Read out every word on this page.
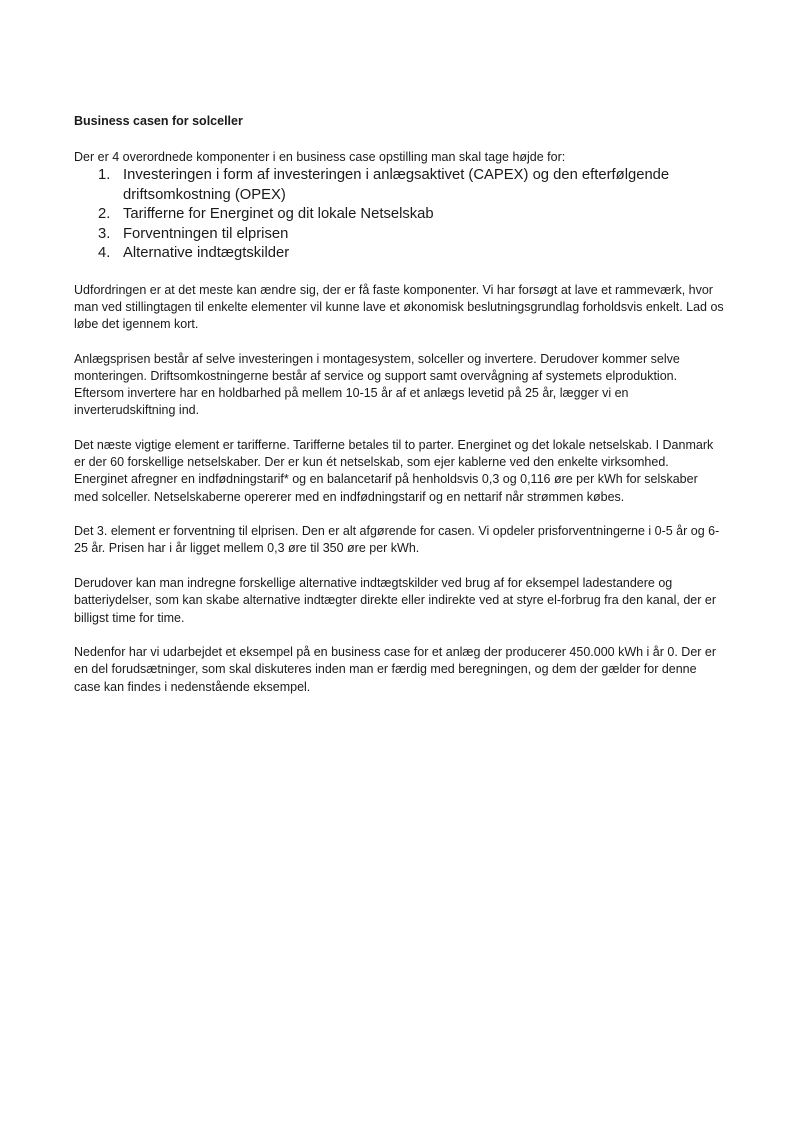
Business casen for solceller

Der er 4 overordnede komponenter i en business case opstilling man skal tage højde for:

1. Investeringen i form af investeringen i anlægsaktivet (CAPEX) og den efterfølgende driftsomkostning (OPEX)
2. Tarifferne for Energinet og dit lokale Netselskab
3. Forventningen til elprisen
4. Alternative indtægtskilder

Udfordringen er at det meste kan ændre sig, der er få faste komponenter. Vi har forsøgt at lave et rammeværk, hvor man ved stillingtagen til enkelte elementer vil kunne lave et økonomisk beslutningsgrundlag forholdsvis enkelt. Lad os løbe det igennem kort.

Anlægsprisen består af selve investeringen i montagesystem, solceller og invertere. Derudover kommer selve monteringen. Driftsomkostningerne består af service og support samt overvågning af systemets elproduktion. Eftersom invertere har en holdbarhed på mellem 10-15 år af et anlægs levetid på 25 år, lægger vi en inverterudskiftning ind.

Det næste vigtige element er tarifferne. Tarifferne betales til to parter. Energinet og det lokale netselskab. I Danmark er der 60 forskellige netselskaber. Der er kun ét netselskab, som ejer kablerne ved den enkelte virksomhed. Energinet afregner en indfødningstarif* og en balancetarif på henholdsvis 0,3 og 0,116 øre per kWh for selskaber med solceller. Netselskaberne opererer med en indfødningstarif og en nettarif når strømmen købes.

Det 3. element er forventning til elprisen. Den er alt afgørende for casen. Vi opdeler prisforventningerne i 0-5 år og 6-25 år. Prisen har i år ligget mellem 0,3 øre til 350 øre per kWh.

Derudover kan man indregne forskellige alternative indtægtskilder ved brug af for eksempel ladestandere og batteriydelser, som kan skabe alternative indtægter direkte eller indirekte ved at styre el-forbrug fra den kanal, der er billigst time for time.

Nedenfor har vi udarbejdet et eksempel på en business case for et anlæg der producerer 450.000 kWh i år 0. Der er en del forudsætninger, som skal diskuteres inden man er færdig med beregningen, og dem der gælder for denne case kan findes i nedenstående eksempel.
